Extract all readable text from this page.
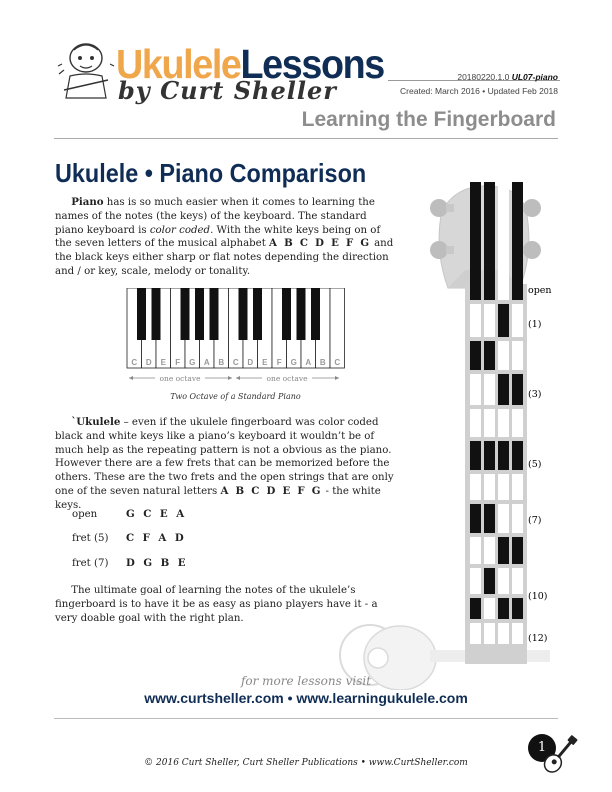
UkuleleLessons
by Curt Sheller	20180220.1.0 UL07-piano
Created: March 2016 • Updated Feb 2018
Learning the Fingerboard
Ukulele • Piano Comparison

Piano has is so much easier when it comes to learning the names of the notes (the keys) of the keyboard. The standard piano keyboard is color coded. With the white keys being on of the seven letters of the musical alphabet A B C D E F G and the black keys either sharp or flat notes depending the direction and / or key, scale, melody or tonality.

C D E F G A B C D E F G A B C
one octave	one octave
Two Octave of a Standard Piano

`Ukulele – even if the ukulele fingerboard was color coded black and white keys like a piano’s keyboard it wouldn’t be of much help as the repeating pattern is not a obvious as the piano. However there are a few frets that can be memorized before the others. These are the two frets and the open strings that are only one of the seven natural letters A B C D E F G - the white keys.

open	G C E A
fret (5) C F A D
fret (7) D G B E

The ultimate goal of learning the notes of the ukulele’s fingerboard is to have it be as easy as piano players have it - a very doable goal with the right plan.

open
(1)
(3)
(5)
(7)
(10)
(12)
for more lessons visit
www.curtsheller.com • www.learningukulele.com
1
© 2016 Curt Sheller, Curt Sheller Publications • www.CurtSheller.com
